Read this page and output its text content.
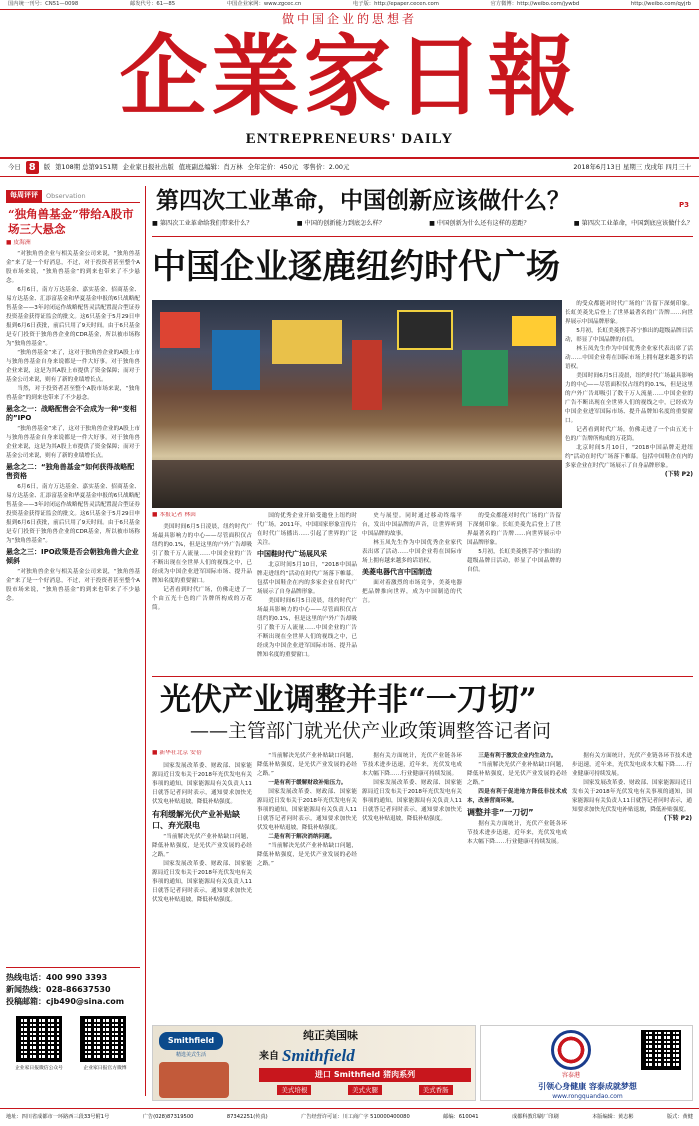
国内统一刊号：CN51—0098	邮发代号：61—85	中国企业家网：www.zgcec.cn	电子版：http://epaper.cecen.com	官方微博：http://weibo.com/jywbd	http://weibo.com/qyjrb
做中国企业的思想者
企業家日報
ENTREPRENEURS' DAILY
今日 8	版 第108期 总第9151期 企业家日报社出版 值班副总编辑：肖万林 全年定价：450元 零售价：2.00元	2018年6月13日 星期三 戊戌年 四月三十
每周评评	Observation
“独角兽基金”带给A股市场三大悬念
■ 皮海洲

“对独角兽企业与相关基金公司来说，“独角兽基金”来了是一个好消息，不过，对于投资者甚至整个A股市场来说，“独角兽基金”的到来也带来了不少悬念。

6月6日，南方万达基金、嘉实基金、招商基金、易方达基金、汇添富基金和华夏基金申报的6只战略配售基金——3年封闭运作战略配售灵活配置混合型证券投资基金获得证监会的批文。这6只基金于5月29日申报到6月6日获批，前后只用了9天时间。由于6只基金是专门投资于独角兽企业的CDR基金，所以被市场称为“独角兽基金”。

“独角兽基金”来了，这对于独角兽企业的A股上市与独角兽基金自身来说都是一件大好事。对于独角兽企业来说，这是为其A股上市提供了资金保障；而对于基金公司来说，则有了新的业绩增长点。

当然，对于投资者甚至整个A股市场来说，“独角兽基金”的到来也带来了不少悬念。

悬念之一：战略配售会不会成为一种“变相的”IPO

“独角兽基金”来了，这对于独角兽企业的A股上市与独角兽基金自身来说都是一件大好事。对于独角兽企业来说，这是为其A股上市提供了资金保障；而对于基金公司来说，则有了新的业绩增长点。

悬念之二：“独角兽基金”如何获得战略配售资格

6月6日，南方万达基金、嘉实基金、招商基金、易方达基金、汇添富基金和华夏基金申报的6只战略配售基金——3年封闭运作战略配售灵活配置混合型证券投资基金获得证监会的批文。这6只基金于5月29日申报到6月6日获批，前后只用了9天时间。由于6只基金是专门投资于独角兽企业的CDR基金，所以被市场称为“独角兽基金”。

悬念之三：IPO政策是否会朝独角兽大企业倾斜

“对独角兽企业与相关基金公司来说，“独角兽基金”来了是一个好消息，不过，对于投资者甚至整个A股市场来说，“独角兽基金”的到来也带来了不少悬念。

热线电话：400 990 3393
新闻热线：028-86637530
投稿邮箱：cjb490@sina.com
企业家日报微信公众号	企业家日报官方微博
第四次工业革命，中国创新应该做什么？	P3
■ 第四次工业革命给我们带来什么？	■ 中国的创新能力到底怎么样？	■ 中国创新为什么还有这样的差距？	■ 第四次工业革命，中国到底应该做什么？
中国企业逐鹿纽约时代广场

的受众都能对时代广场的广告留下深刻印象。长虹美菱先后登上了世界最著名的广告牌……向世界展示中国品牌形象。

5月初，长虹美菱携手苏宁推出的超级品牌日活动，彰显了中国品牌的自信。

林玉凤先生作为中国优秀企业家代表出席了活动……中国企业将在国际市场上拥有越来越多的话语权。

美国时间6月5日凌晨，纽约时代广场最具影响力的中心——尽管面积仅占纽约的0.1%，但是这里的户外广告却吸引了数千万人流量……中国企业的广告不断出现在全世界人们的视线之中，已经成为中国企业进军国际市场、提升品牌知名度的重要窗口。

记者看到时代广场，仿佛走进了一个由五光十色的广告牌所构成的万花筒。

北京时间5月10日，“2018中国品牌走进纽约”活动在时代广场落下帷幕。包括中国鞋企在内的多家企业在时代广场展示了自身品牌形象。

(下转 P2)
■ 本报记者 林茵

美国时间6月5日凌晨，纽约时代广场最具影响力的中心——尽管面积仅占纽约的0.1%，但是这里的户外广告却吸引了数千万人流量……中国企业的广告不断出现在全世界人们的视线之中，已经成为中国企业进军国际市场、提升品牌知名度的重要窗口。

记者看到时代广场，仿佛走进了一个由五光十色的广告牌所构成的万花筒。

国的优秀企业开始受邀登上纽约时代广场。2011年，中国国家形象宣传片在时代广场播出……引起了世界的广泛关注。

中国鞋时代广场展风采

北京时间5月10日，“2018中国品牌走进纽约”活动在时代广场落下帷幕。包括中国鞋企在内的多家企业在时代广场展示了自身品牌形象。

美国时间6月5日凌晨，纽约时代广场最具影响力的中心——尽管面积仅占纽约的0.1%，但是这里的户外广告却吸引了数千万人流量……中国企业的广告不断出现在全世界人们的视线之中，已经成为中国企业进军国际市场、提升品牌知名度的重要窗口。

史与展望。同时通过移动终端平台，发出中国品牌的声音，让世界听到中国品牌的故事。

林玉凤先生作为中国优秀企业家代表出席了活动……中国企业将在国际市场上拥有越来越多的话语权。

美菱电器代言中国制造

面对着激烈的市场竞争，美菱电器把品牌推向世界，成为中国制造的代言。

的受众都能对时代广场的广告留下深刻印象。长虹美菱先后登上了世界最著名的广告牌……向世界展示中国品牌形象。

5月初，长虹美菱携手苏宁推出的超级品牌日活动，彰显了中国品牌的自信。

光伏产业调整并非“一刀切”
——主管部门就光伏产业政策调整答记者问
■ 新华社北京 安蓓

国家发展改革委、财政部、国家能源局近日发布关于2018年光伏发电有关事项的通知，国家能源局有关负责人11日就答记者问时表示，通知要求加快光伏发电补贴退坡，降低补贴强度。

有利缓解光伏产业补贴缺口、弃光限电

“当前解决光伏产业补贴缺口问题，降低补贴强度，是光伏产业发展的必经之路。”

国家发展改革委、财政部、国家能源局近日发布关于2018年光伏发电有关事项的通知，国家能源局有关负责人11日就答记者问时表示，通知要求加快光伏发电补贴退坡，降低补贴强度。

“当前解决光伏产业补贴缺口问题，降低补贴强度，是光伏产业发展的必经之路。”

一是有利于缓解财政补贴压力。

国家发展改革委、财政部、国家能源局近日发布关于2018年光伏发电有关事项的通知，国家能源局有关负责人11日就答记者问时表示，通知要求加快光伏发电补贴退坡，降低补贴强度。

二是有利于解决消纳问题。

“当前解决光伏产业补贴缺口问题，降低补贴强度，是光伏产业发展的必经之路。”

据有关方面统计，光伏产业链各环节技术进步迅速，近年来，光伏发电成本大幅下降……行业健康可持续发展。

国家发展改革委、财政部、国家能源局近日发布关于2018年光伏发电有关事项的通知，国家能源局有关负责人11日就答记者问时表示，通知要求加快光伏发电补贴退坡，降低补贴强度。

三是有利于激发企业内生动力。

“当前解决光伏产业补贴缺口问题，降低补贴强度，是光伏产业发展的必经之路。”

四是有利于促进地方降低非技术成本，改善营商环境。

调整并非“一刀切”

据有关方面统计，光伏产业链各环节技术进步迅速，近年来，光伏发电成本大幅下降……行业健康可持续发展。

据有关方面统计，光伏产业链各环节技术进步迅速，近年来，光伏发电成本大幅下降……行业健康可持续发展。

国家发展改革委、财政部、国家能源局近日发布关于2018年光伏发电有关事项的通知，国家能源局有关负责人11日就答记者问时表示，通知要求加快光伏发电补贴退坡，降低补贴强度。

(下转 P2)
Smithfield
精选美式生活
纯正美国味
来自 Smithfield
进口 Smithfield 猪肉系列
美式培根	美式火腿	美式香肠
容泰港
引领心身健康 容泰成就梦想
www.rongquandao.com
地址：四川省成都市一环路西三段33号附1号	广告(028)87319500	87342251(传真)	广告经营许可证：川工商广字 510000400080	邮编：610041	成都科教印刷厂印刷	本版编辑：黄志彬	版式：黄健
